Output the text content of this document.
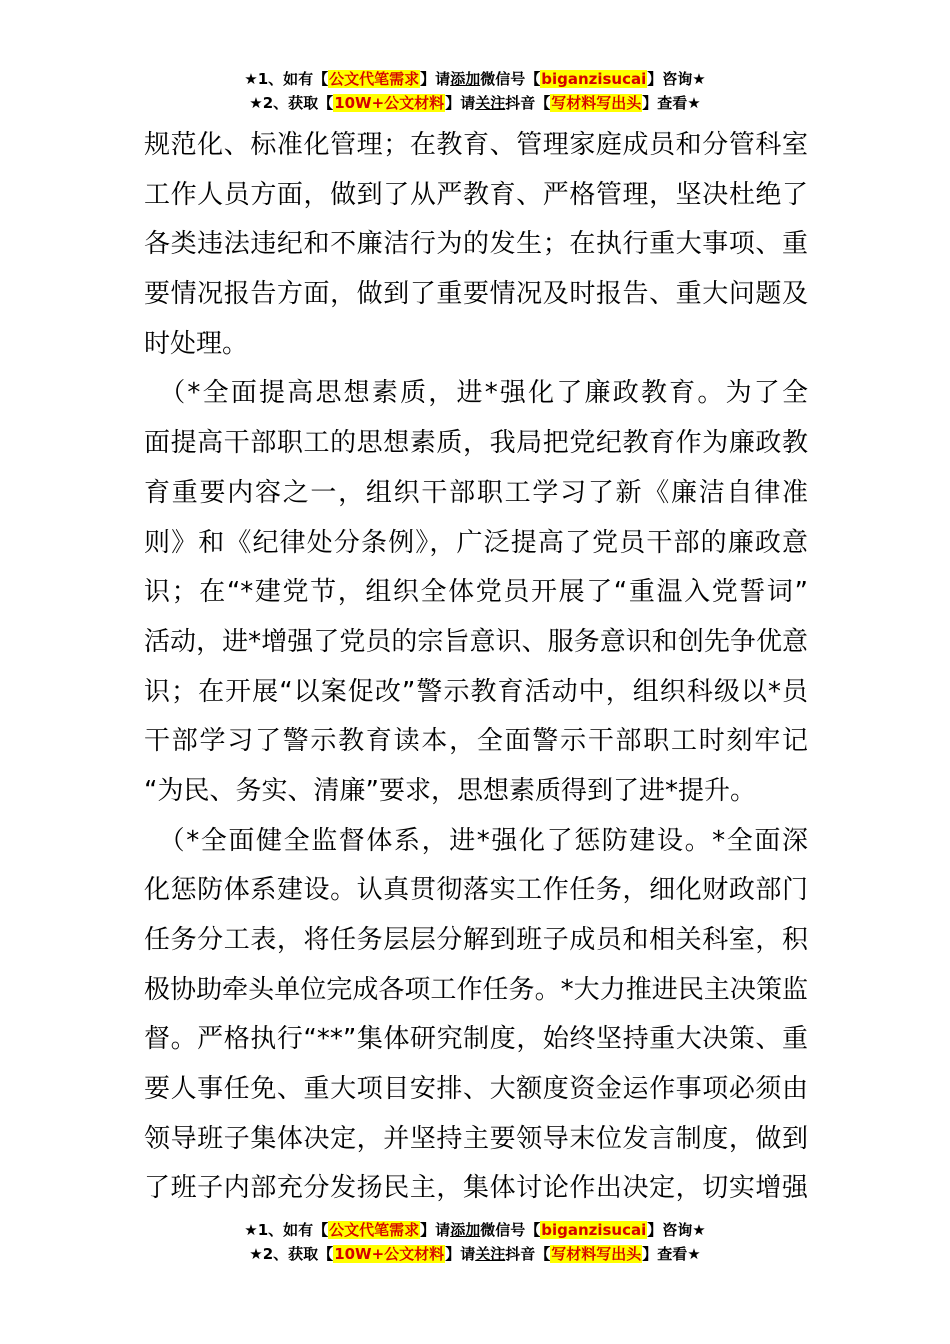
★1、如有【公文代笔需求】请添加微信号【biganzisucai】咨询★
★2、获取【10W+公文材料】请关注抖音【写材料写出头】查看★
规范化、标准化管理；在教育、管理家庭成员和分管科室
工作人员方面，做到了从严教育、严格管理，坚决杜绝了
各类违法违纪和不廉洁行为的发生；在执行重大事项、重
要情况报告方面，做到了重要情况及时报告、重大问题及
时处理。
　（*全面提高思想素质，进*强化了廉政教育。为了全
面提高干部职工的思想素质，我局把党纪教育作为廉政教
育重要内容之一，组织干部职工学习了新《廉洁自律准
则》和《纪律处分条例》，广泛提高了党员干部的廉政意
识；在“*建党节，组织全体党员开展了“重温入党誓词”
活动，进*增强了党员的宗旨意识、服务意识和创先争优意
识；在开展“以案促改”警示教育活动中，组织科级以*员
干部学习了警示教育读本，全面警示干部职工时刻牢记
“为民、务实、清廉”要求，思想素质得到了进*提升。
　（*全面健全监督体系，进*强化了惩防建设。*全面深
化惩防体系建设。认真贯彻落实工作任务，细化财政部门
任务分工表，将任务层层分解到班子成员和相关科室，积
极协助牵头单位完成各项工作任务。*大力推进民主决策监
督。严格执行“**”集体研究制度，始终坚持重大决策、重
要人事任免、重大项目安排、大额度资金运作事项必须由
领导班子集体决定，并坚持主要领导末位发言制度，做到
了班子内部充分发扬民主，集体讨论作出决定，切实增强
★1、如有【公文代笔需求】请添加微信号【biganzisucai】咨询★
★2、获取【10W+公文材料】请关注抖音【写材料写出头】查看★
